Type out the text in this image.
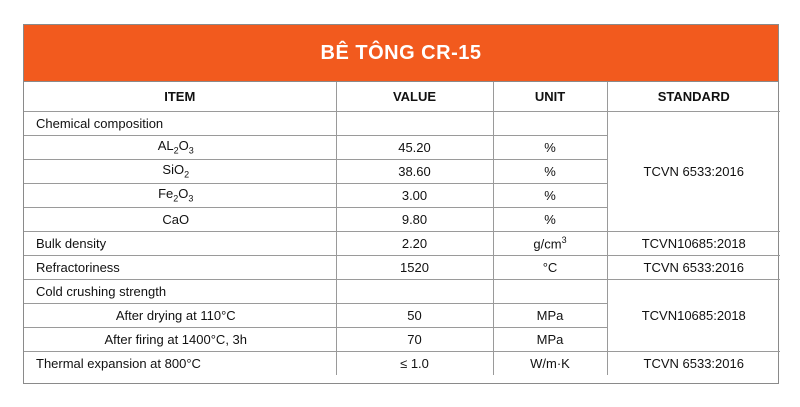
BÊ TÔNG CR-15
ITEM	VALUE	UNIT	STANDARD
Chemical composition			TCVN 6533:2016
$AL_2O_3$	45.20	%	
SiO$_2$	38.60	%	
$Fe_2O_3$	3.00	%	
CaO	9.80	%	
Bulk density	2.20	$g/cm^3$	TCVN10685:2018
Refractoriness	1520	°C	TCVN 6533:2016
Cold crushing strength			TCVN10685:2018
After drying at 110°C	50	MPa	
After firing at 1400°C, 3h	70	MPa	
Thermal expansion at 800°C	≤ 1.0	W/m·K	TCVN 6533:2016
